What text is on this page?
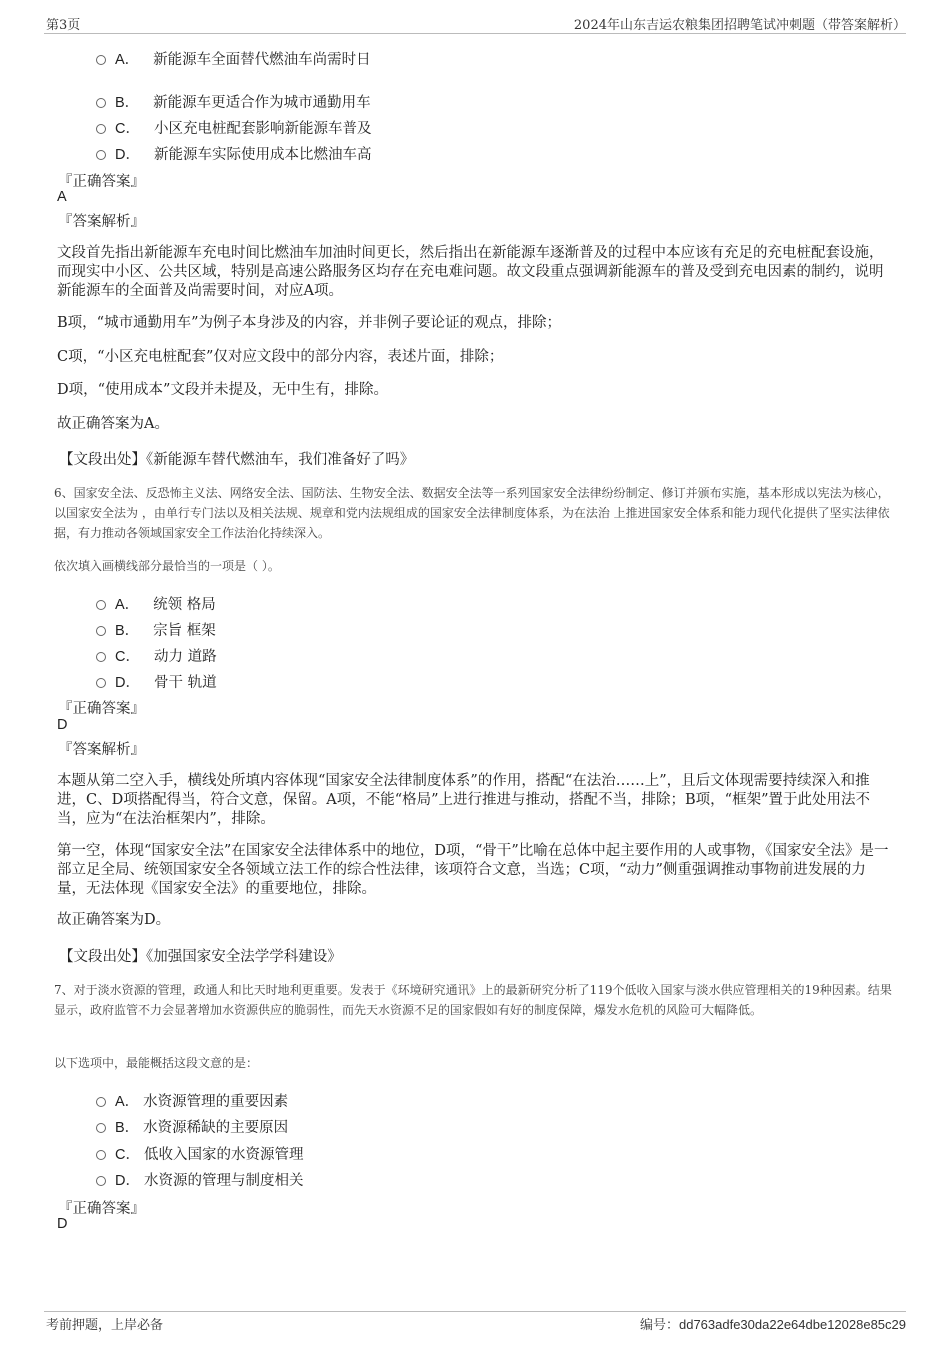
第3页	2024年山东吉运农粮集团招聘笔试冲刺题（带答案解析）
A． 新能源车全面替代燃油车尚需时日
B． 新能源车更适合作为城市通勤用车
C． 小区充电桩配套影响新能源车普及
D． 新能源车实际使用成本比燃油车高
『正确答案』
A
『答案解析』
文段首先指出新能源车充电时间比燃油车加油时间更长，然后指出在新能源车逐渐普及的过程中本应该有充足的充电桩配套设施，而现实中小区、公共区域，特别是高速公路服务区均存在充电难问题。故文段重点强调新能源车的普及受到充电因素的制约，说明新能源车的全面普及尚需要时间，对应A项。
B项，“城市通勤用车”为例子本身涉及的内容，并非例子要论证的观点，排除；
C项，“小区充电桩配套”仅对应文段中的部分内容，表述片面，排除；
D项，“使用成本”文段并未提及，无中生有，排除。
故正确答案为A。
【文段出处】《新能源车替代燃油车，我们准备好了吗》
6、国家安全法、反恐怖主义法、网络安全法、国防法、生物安全法、数据安全法等一系列国家安全法律纷纷制定、修订并颁布实施，基本形成以宪法为核心，以国家安全法为 ，由单行专门法以及相关法规、规章和党内法规组成的国家安全法律制度体系，为在法治 上推进国家安全体系和能力现代化提供了坚实法律依据，有力推动各领域国家安全工作法治化持续深入。
依次填入画横线部分最恰当的一项是（ ）。
A． 统领 格局
B． 宗旨 框架
C． 动力 道路
D． 骨干 轨道
『正确答案』
D
『答案解析』
本题从第二空入手，横线处所填内容体现“国家安全法律制度体系”的作用，搭配“在法治……上”，且后文体现需要持续深入和推进，C、D项搭配得当，符合文意，保留。A项，不能“格局”上进行推进与推动，搭配不当，排除；B项，“框架”置于此处用法不当，应为“在法治框架内”，排除。
第一空，体现“国家安全法”在国家安全法律体系中的地位，D项，“骨干”比喻在总体中起主要作用的人或事物，《国家安全法》是一部立足全局、统领国家安全各领域立法工作的综合性法律，该项符合文意，当选；C项，“动力”侧重强调推动事物前进发展的力量，无法体现《国家安全法》的重要地位，排除。
故正确答案为D。
【文段出处】《加强国家安全法学学科建设》
7、对于淡水资源的管理，政通人和比天时地利更重要。发表于《环境研究通讯》上的最新研究分析了119个低收入国家与淡水供应管理相关的19种因素。结果显示，政府监管不力会显著增加水资源供应的脆弱性，而先天水资源不足的国家假如有好的制度保障，爆发水危机的风险可大幅降低。
以下选项中，最能概括这段文意的是：
A． 水资源管理的重要因素
B． 水资源稀缺的主要原因
C． 低收入国家的水资源管理
D． 水资源的管理与制度相关
『正确答案』
D
考前押题，上岸必备	编号：dd763adfe30da22e64dbe12028e85c29
